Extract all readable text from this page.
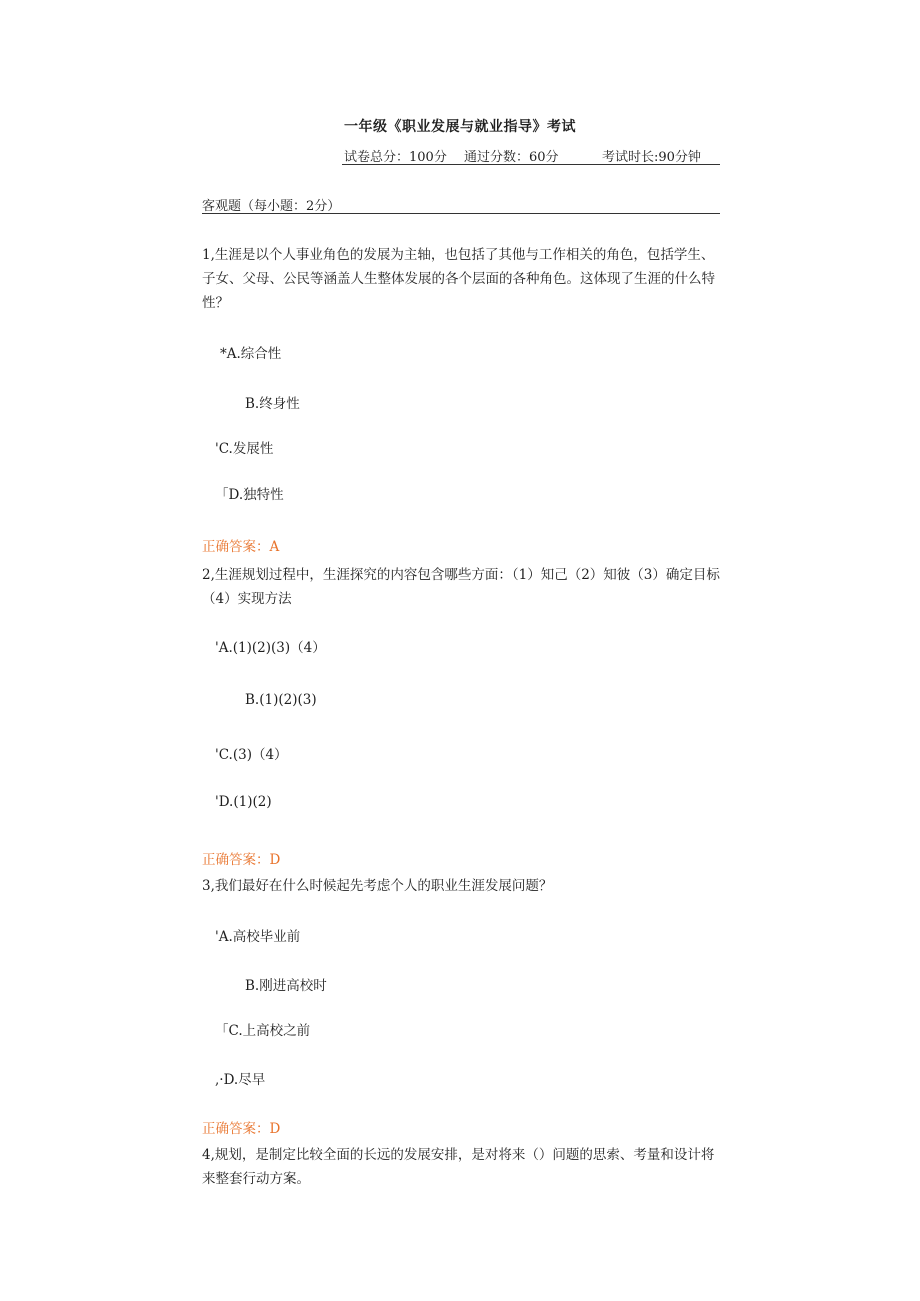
一年级《职业发展与就业指导》考试
试卷总分：100分 通过分数：60分	考试时长:90分钟
客观题（每小题：2分）
1,生涯是以个人事业角色的发展为主轴，也包括了其他与工作相关的角色，包括学生、子女、父母、公民等涵盖人生整体发展的各个层面的各种角色。这体现了生涯的什么特性？
*A.综合性
B.终身性
'C.发展性
「D.独特性
正确答案：A
2,生涯规划过程中，生涯探究的内容包含哪些方面：（1）知己（2）知彼（3）确定目标（4）实现方法
'A.(1)(2)(3)（4）
B.(1)(2)(3)
'C.(3)（4）
'D.(1)(2)
正确答案：D
3,我们最好在什么时候起先考虑个人的职业生涯发展问题？
'A.高校毕业前
B.刚进高校时
「C.上高校之前
,·D.尽早
正确答案：D
4,规划，是制定比较全面的长远的发展安排，是对将来（）问题的思索、考量和设计将来整套行动方案。
